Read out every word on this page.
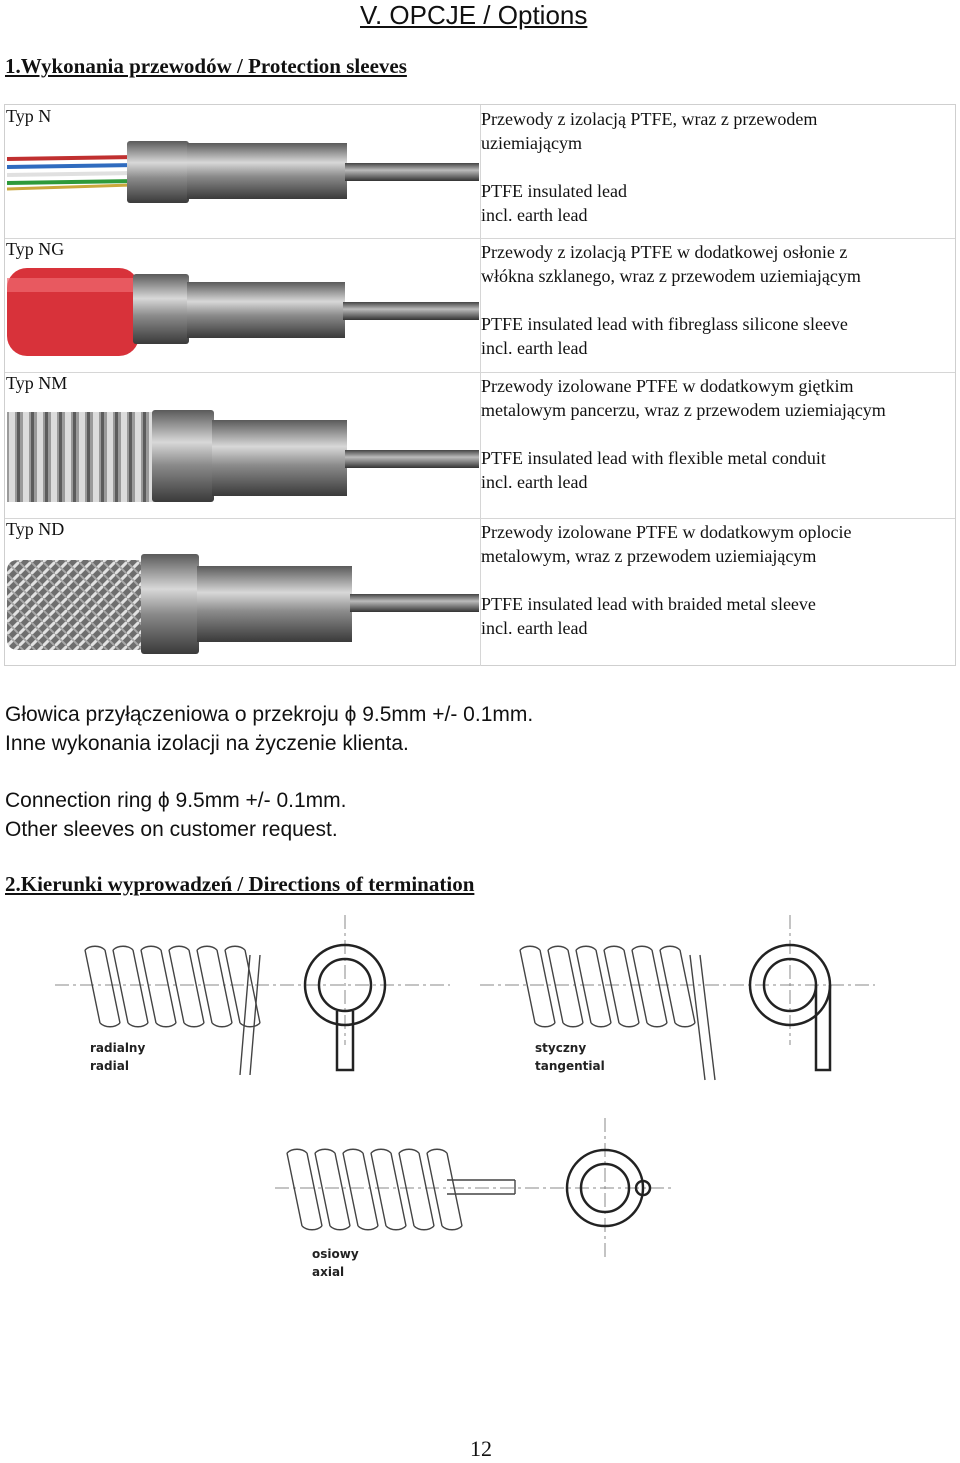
V. OPCJE / Options
1.Wykonania przewodów / Protection sleeves
Typ N	Przewody z izolacją PTFE, wraz z przewodem
uziemiającym
PTFE insulated lead
incl. earth lead
Typ NG	Przewody z izolacją PTFE w dodatkowej osłonie z
włókna szklanego, wraz z przewodem uziemiającym
PTFE insulated lead with fibreglass silicone sleeve
incl. earth lead
Typ NM	Przewody izolowane PTFE w dodatkowym giętkim
metalowym pancerzu, wraz z przewodem uziemiającym
PTFE insulated lead with flexible metal conduit
incl. earth lead
Typ ND	Przewody izolowane PTFE w dodatkowym oplocie
metalowym, wraz z przewodem uziemiającym
PTFE insulated lead with braided metal sleeve
incl. earth lead
Głowica przyłączeniowa o przekroju ϕ 9.5mm +/- 0.1mm.
Inne wykonania izolacji na życzenie klienta.
Connection ring ϕ 9.5mm +/- 0.1mm.
Other sleeves on customer request.
2.Kierunki wyprowadzeń / Directions of termination
radialny
radial
styczny
tangential
osiowy
axial
12
